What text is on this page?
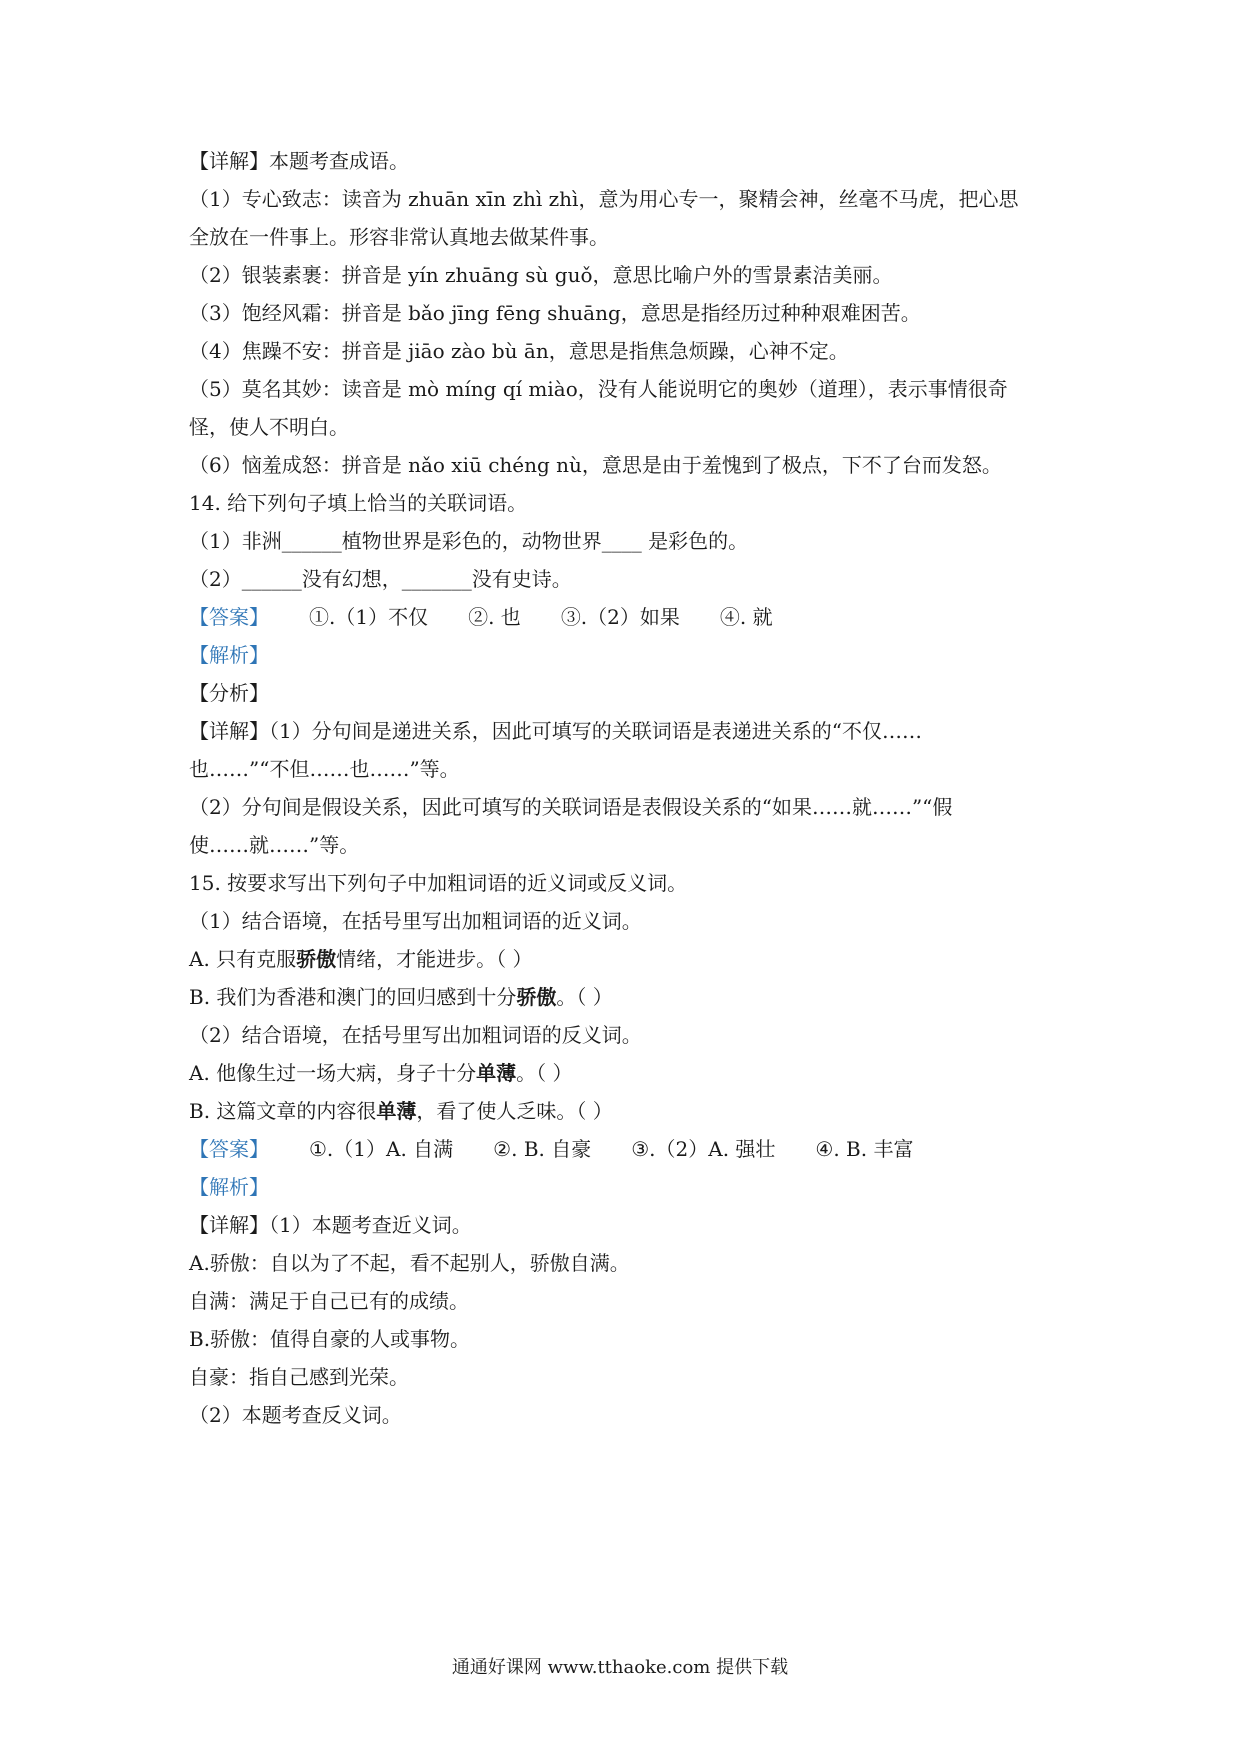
【详解】本题考查成语。
（1）专心致志：读音为 zhuān xīn zhì zhì，意为用心专一，聚精会神，丝毫不马虎，把心思
全放在一件事上。形容非常认真地去做某件事。
（2）银装素裹：拼音是 yín zhuāng sù guǒ，意思比喻户外的雪景素洁美丽。
（3）饱经风霜：拼音是 bǎo jīng fēng shuāng，意思是指经历过种种艰难困苦。
（4）焦躁不安：拼音是 jiāo zào bù ān，意思是指焦急烦躁，心神不定。
（5）莫名其妙：读音是 mò míng qí miào，没有人能说明它的奥妙（道理），表示事情很奇
怪，使人不明白。
（6）恼羞成怒：拼音是 nǎo xiū chéng nù，意思是由于羞愧到了极点，下不了台而发怒。
14. 给下列句子填上恰当的关联词语。
（1）非洲______植物世界是彩色的，动物世界____ 是彩色的。
（2）______没有幻想，_______没有史诗。
【答案】 ①.（1）不仅 ②. 也 ③.（2）如果 ④. 就
【解析】
【分析】
【详解】（1）分句间是递进关系，因此可填写的关联词语是表递进关系的“不仅……
也……”“不但……也……”等。
（2）分句间是假设关系，因此可填写的关联词语是表假设关系的“如果……就……”“假
使……就……”等。
15. 按要求写出下列句子中加粗词语的近义词或反义词。
（1）结合语境，在括号里写出加粗词语的近义词。
A. 只有克服骄傲情绪，才能进步。（ ）
B. 我们为香港和澳门的回归感到十分骄傲。（ ）
（2）结合语境，在括号里写出加粗词语的反义词。
A. 他像生过一场大病，身子十分单薄。（ ）
B. 这篇文章的内容很单薄，看了使人乏味。（ ）
【答案】 ①.（1）A. 自满 ②. B. 自豪 ③.（2）A. 强壮 ④. B. 丰富
【解析】
【详解】（1）本题考查近义词。
A.骄傲：自以为了不起，看不起别人，骄傲自满。
自满：满足于自己已有的成绩。
B.骄傲：值得自豪的人或事物。
自豪：指自己感到光荣。
（2）本题考查反义词。
通通好课网 www.tthaoke.com 提供下载
